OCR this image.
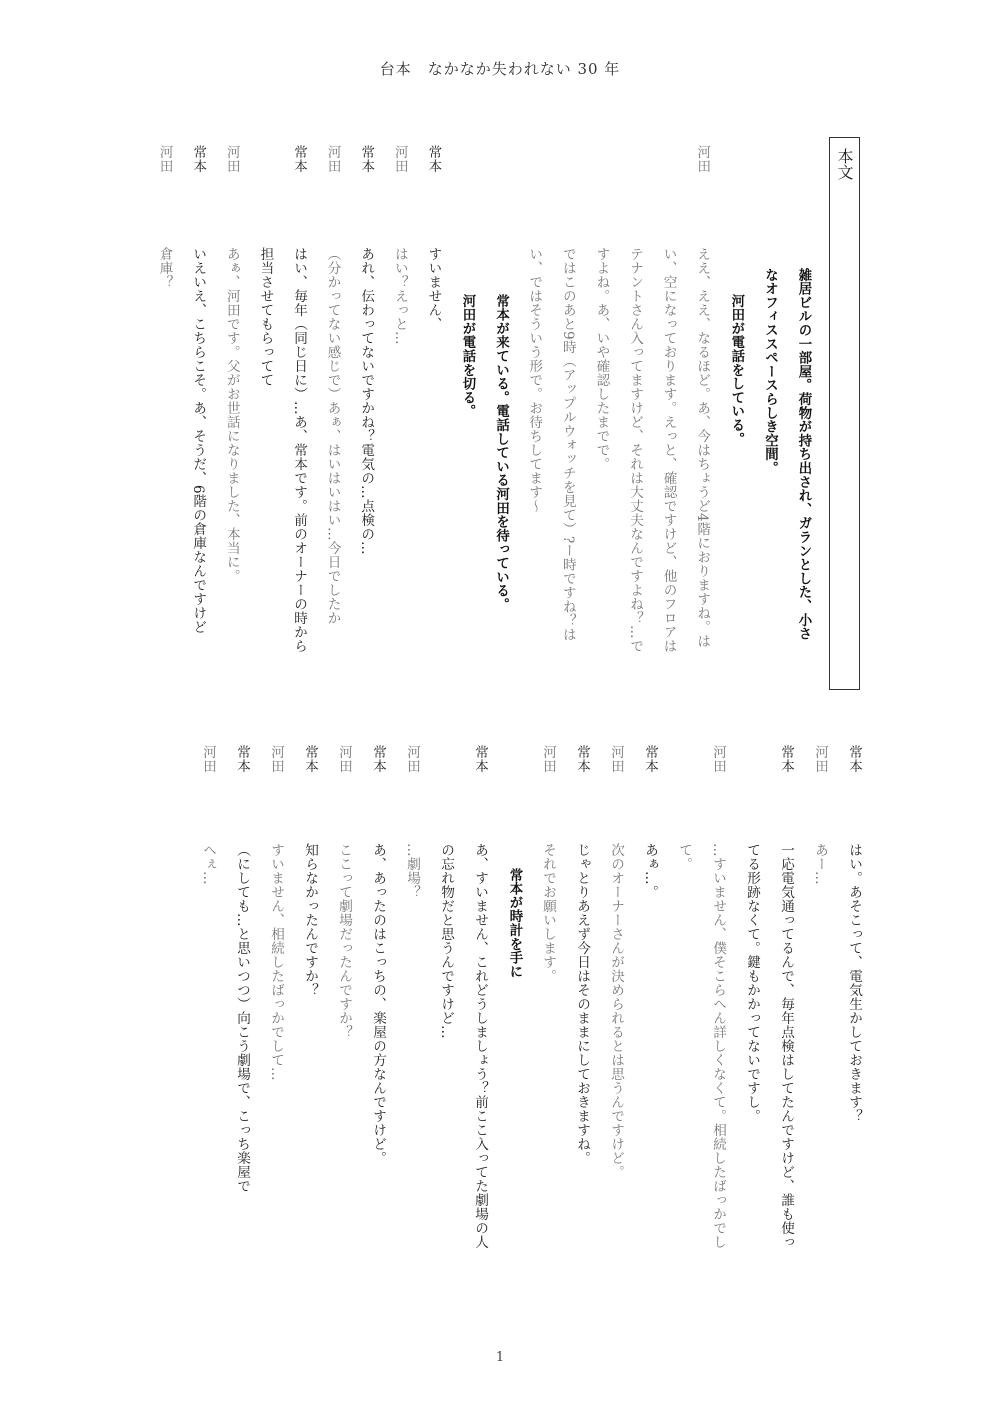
台本　なかなか失われない 30 年
本文
雑居ビルの一部屋。荷物が持ち出され、ガランとした、小さ
なオフィススペースらしき空間。
河田が電話をしている。
河田
ええ、ええ、なるほど。あ、今はちょうど4階におりますね。は
い、空になっております。えっと、確認ですけど、他のフロアは
テナントさん入ってますけど、それは大丈夫なんですよね？…で
すよね。あ、いや確認したまでで。
ではこのあと9時（アップルウォッチを見て）?ー時ですね？は
い、ではそういう形で。お待ちしてます～
常本が来ている。電話している河田を待っている。
河田が電話を切る。
常本
すいません、
河田
はい？えっと…
常本
あれ、伝わってないですかね？電気の…点検の…
河田
（分かってない感じで）あぁ、はいはいはい…今日でしたか
常本
はい、毎年（同じ日に）…あ、常本です。前のオーナーの時から
担当させてもらってて
河田
あぁ、河田です。父がお世話になりました、本当に。
常本
いえいえ、こちらこそ。あ、そうだ、6階の倉庫なんですけど
河田
倉庫？
常本
はい。あそこって、電気生かしておきます？
河田
あー…
常本
一応電気通ってるんで、毎年点検はしてたんですけど、誰も使っ
てる形跡なくて。鍵もかかってないですし。
河田
…すいません、僕そこらへん詳しくなくて。相続したばっかでし
て。
常本
あぁ…。
河田
次のオーナーさんが決められるとは思うんですけど。
常本
じゃとりあえず今日はそのままにしておきますね。
河田
それでお願いします。
常本が時計を手に
常本
あ、すいません、これどうしましょう？前ここ入ってた劇場の人
の忘れ物だと思うんですけど…
河田
…劇場？
常本
あ、あったのはこっちの、楽屋の方なんですけど。
河田
ここって劇場だったんですか？
常本
知らなかったんですか？
河田
すいません、相続したばっかでして…
常本
（にしても…と思いつつ）向こう劇場で、こっち楽屋で
河田
へぇ…
1
